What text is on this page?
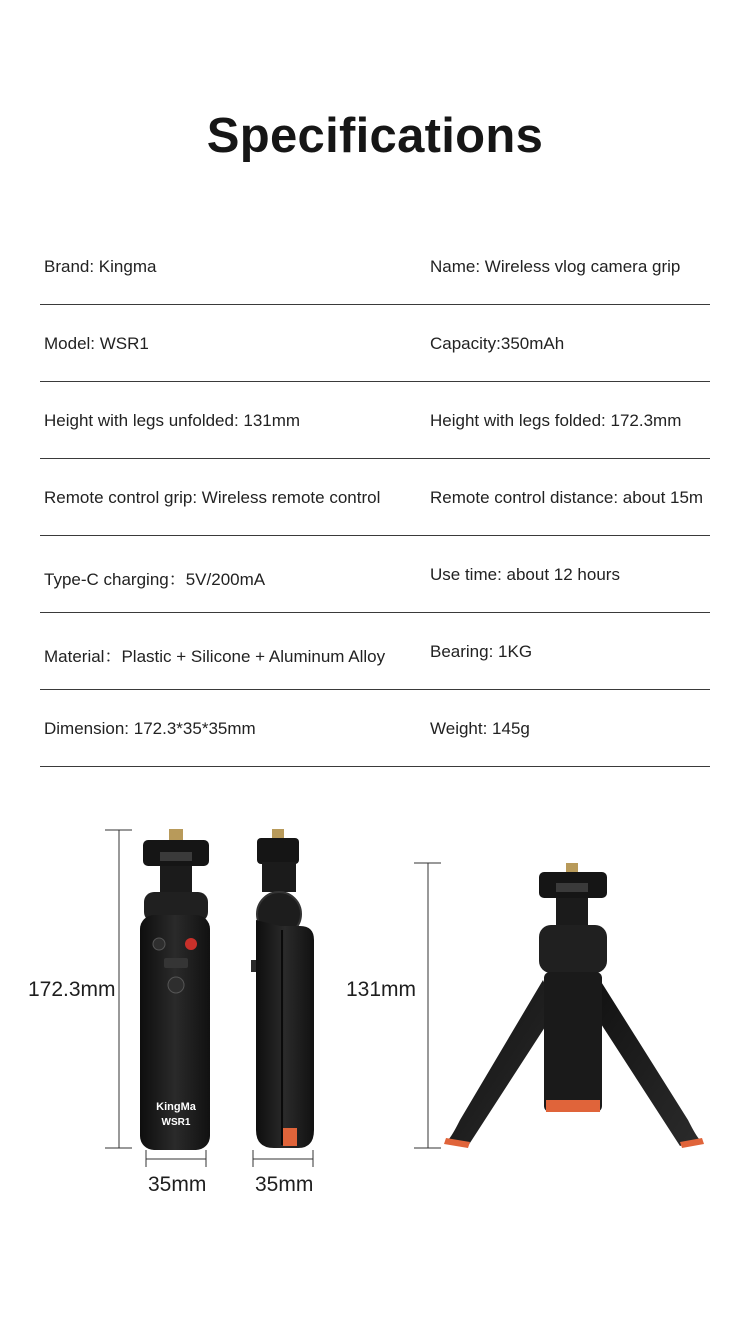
Specifications
Brand: Kingma	Name: Wireless vlog camera grip
Model: WSR1	Capacity:350mAh
Height with legs unfolded: 131mm	Height with legs folded: 172.3mm
Remote control grip: Wireless remote control	Remote control distance: about 15m
Type-C charging：5V/200mA	Use time: about 12 hours
Material：Plastic + Silicone + Aluminum Alloy	Bearing: 1KG
Dimension: 172.3*35*35mm	Weight: 145g
KingMa
WSR1
172.3mm
35mm 35mm
131mm
